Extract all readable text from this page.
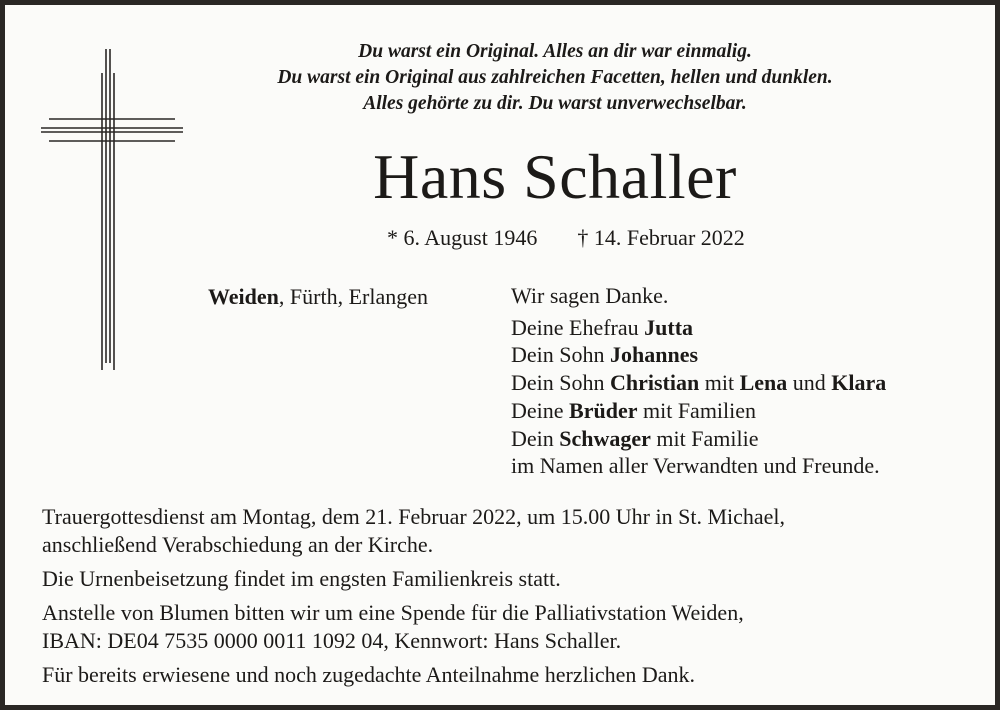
Du warst ein Original. Alles an dir war einmalig.
Du warst ein Original aus zahlreichen Facetten, hellen und dunklen.
Alles gehörte zu dir. Du warst unverwechselbar.
Hans Schaller
* 6. August 1946 † 14. Februar 2022
Weiden, Fürth, Erlangen	Wir sagen Danke.
Deine Ehefrau Jutta
Dein Sohn Johannes
Dein Sohn Christian mit Lena und Klara
Deine Brüder mit Familien
Dein Schwager mit Familie
im Namen aller Verwandten und Freunde.
Trauergottesdienst am Montag, dem 21. Februar 2022, um 15.00 Uhr in St. Michael,
anschließend Verabschiedung an der Kirche.
Die Urnenbeisetzung findet im engsten Familienkreis statt.
Anstelle von Blumen bitten wir um eine Spende für die Palliativstation Weiden,
IBAN: DE04 7535 0000 0011 1092 04, Kennwort: Hans Schaller.
Für bereits erwiesene und noch zugedachte Anteilnahme herzlichen Dank.
